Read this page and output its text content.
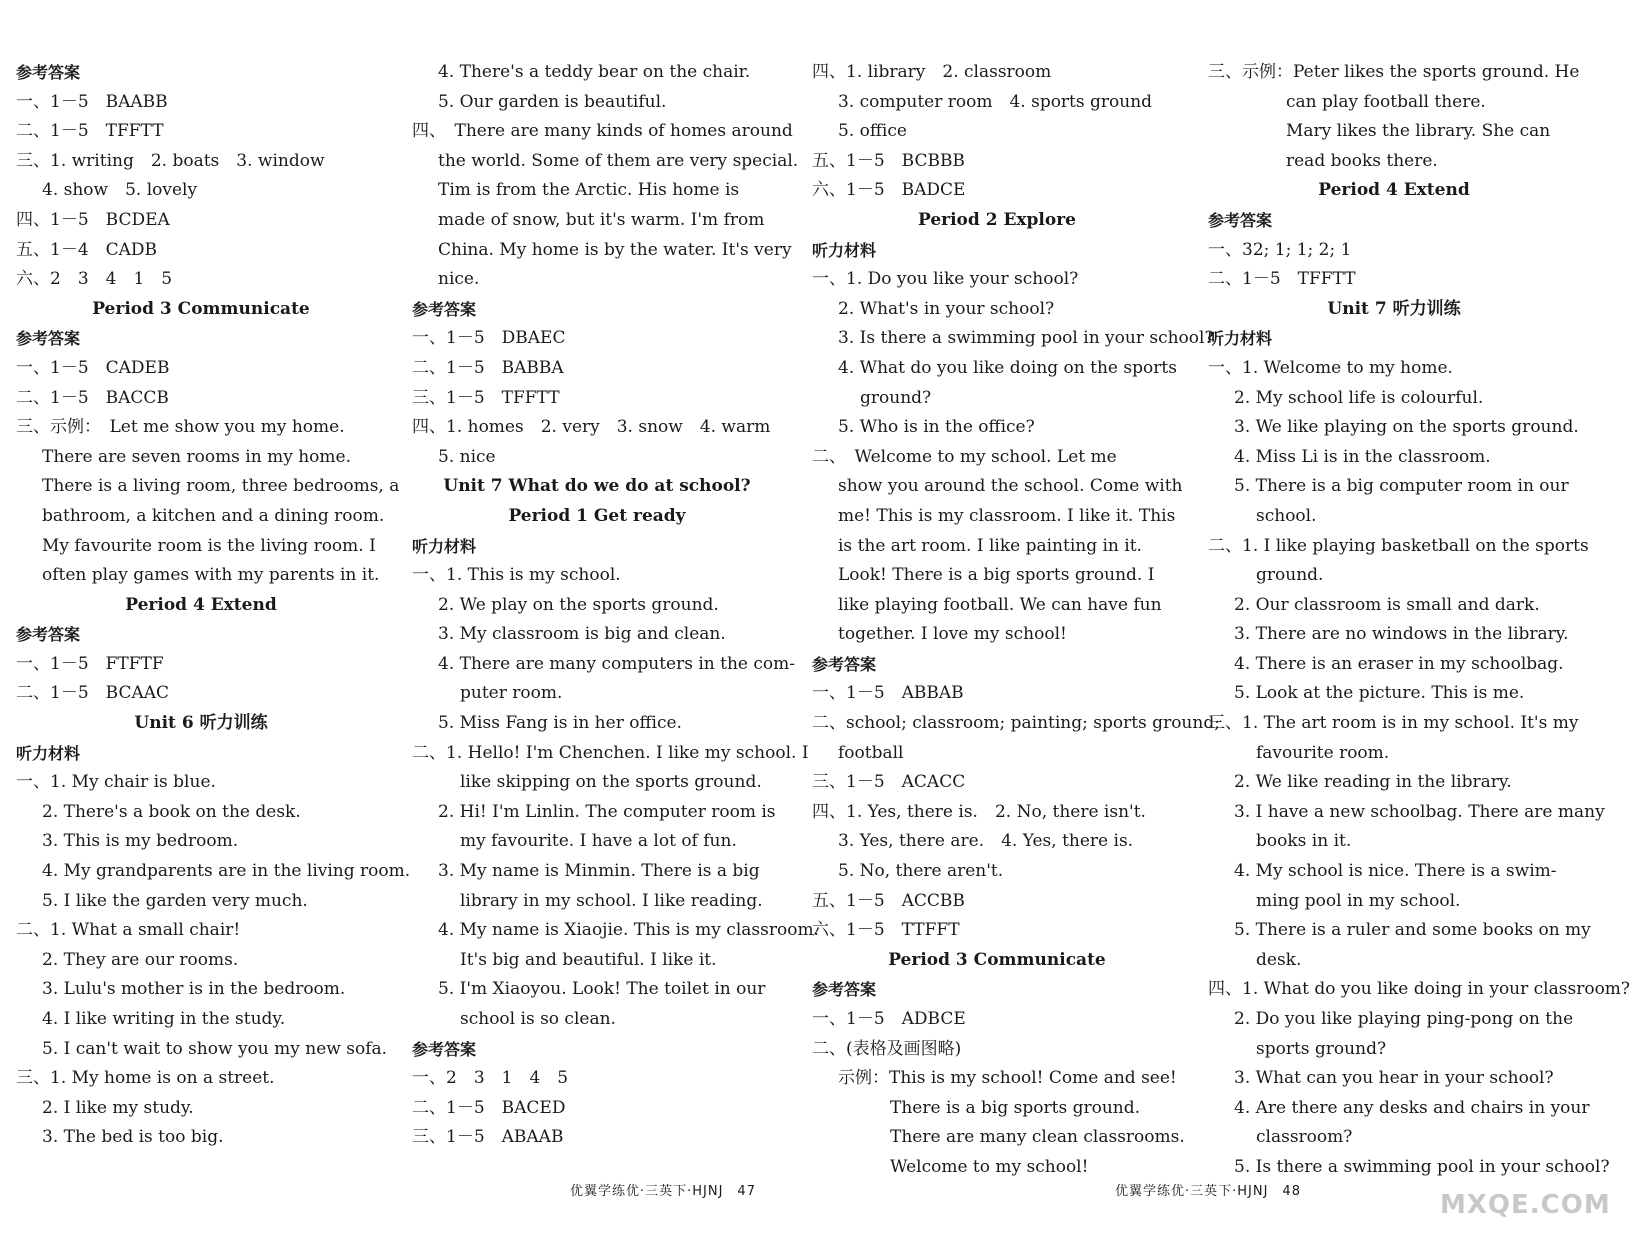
参考答案
一、1－5　BAABB
二、1－5　TFFTT
三、1. writing　2. boats　3. window
4. show　5. lovely
四、1－5　BCDEA
五、1－4　CADB
六、2　3　4　1　5
Period 3 Communicate
参考答案
一、1－5　CADEB
二、1－5　BACCB
三、示例：　Let me show you my home.
There are seven rooms in my home.
There is a living room, three bedrooms, a
bathroom, a kitchen and a dining room.
My favourite room is the living room. I
often play games with my parents in it.
Period 4 Extend
参考答案
一、1－5　FTFTF
二、1－5　BCAAC
Unit 6 听力训练
听力材料
一、1. My chair is blue.
2. There's a book on the desk.
3. This is my bedroom.
4. My grandparents are in the living room.
5. I like the garden very much.
二、1. What a small chair!
2. They are our rooms.
3. Lulu's mother is in the bedroom.
4. I like writing in the study.
5. I can't wait to show you my new sofa.
三、1. My home is on a street.
2. I like my study.
3. The bed is too big.
4. There's a teddy bear on the chair.
5. Our garden is beautiful.
四、　There are many kinds of homes around
the world. Some of them are very special.
Tim is from the Arctic. His home is
made of snow, but it's warm. I'm from
China. My home is by the water. It's very
nice.
参考答案
一、1－5　DBAEC
二、1－5　BABBA
三、1－5　TFFTT
四、1. homes　2. very　3. snow　4. warm
5. nice
Unit 7 What do we do at school?
Period 1 Get ready
听力材料
一、1. This is my school.
2. We play on the sports ground.
3. My classroom is big and clean.
4. There are many computers in the com-
puter room.
5. Miss Fang is in her office.
二、1. Hello! I'm Chenchen. I like my school. I
like skipping on the sports ground.
2. Hi! I'm Linlin. The computer room is
my favourite. I have a lot of fun.
3. My name is Minmin. There is a big
library in my school. I like reading.
4. My name is Xiaojie. This is my classroom.
It's big and beautiful. I like it.
5. I'm Xiaoyou. Look! The toilet in our
school is so clean.
参考答案
一、2　3　1　4　5
二、1－5　BACED
三、1－5　ABAAB
四、1. library　2. classroom
3. computer room　4. sports ground
5. office
五、1－5　BCBBB
六、1－5　BADCE
Period 2 Explore
听力材料
一、1. Do you like your school?
2. What's in your school?
3. Is there a swimming pool in your school?
4. What do you like doing on the sports
ground?
5. Who is in the office?
二、　Welcome to my school. Let me
show you around the school. Come with
me! This is my classroom. I like it. This
is the art room. I like painting in it.
Look! There is a big sports ground. I
like playing football. We can have fun
together. I love my school!
参考答案
一、1－5　ABBAB
二、school; classroom; painting; sports ground;
football
三、1－5　ACACC
四、1. Yes, there is.　2. No, there isn't.
3. Yes, there are.　4. Yes, there is.
5. No, there aren't.
五、1－5　ACCBB
六、1－5　TTFFT
Period 3 Communicate
参考答案
一、1－5　ADBCE
二、(表格及画图略)
示例：This is my school! Come and see!
There is a big sports ground.
There are many clean classrooms.
Welcome to my school!
三、示例：Peter likes the sports ground. He
can play football there.
Mary likes the library. She can
read books there.
Period 4 Extend
参考答案
一、32; 1; 1; 2; 1
二、1－5　TFFTT
Unit 7 听力训练
听力材料
一、1. Welcome to my home.
2. My school life is colourful.
3. We like playing on the sports ground.
4. Miss Li is in the classroom.
5. There is a big computer room in our
school.
二、1. I like playing basketball on the sports
ground.
2. Our classroom is small and dark.
3. There are no windows in the library.
4. There is an eraser in my schoolbag.
5. Look at the picture. This is me.
三、1. The art room is in my school. It's my
favourite room.
2. We like reading in the library.
3. I have a new schoolbag. There are many
books in it.
4. My school is nice. There is a swim-
ming pool in my school.
5. There is a ruler and some books on my
desk.
四、1. What do you like doing in your classroom?
2. Do you like playing ping-pong on the
sports ground?
3. What can you hear in your school?
4. Are there any desks and chairs in your
classroom?
5. Is there a swimming pool in your school?
优翼学练优·三英下·HJNJ　47	优翼学练优·三英下·HJNJ　48	MXQE.COM
